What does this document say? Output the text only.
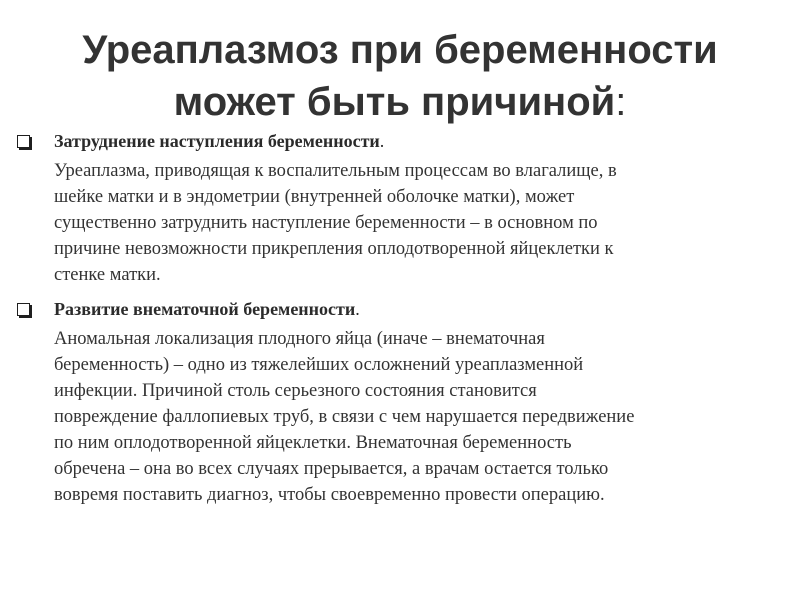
Уреаплазмоз при беременности
может быть причиной:
Затруднение наступления беременности.
Уреаплазма, приводящая к воспалительным процессам во влагалище, в
шейке матки и в эндометрии (внутренней оболочке матки), может
существенно затруднить наступление беременности – в основном по
причине невозможности прикрепления оплодотворенной яйцеклетки к
стенке матки.
Развитие внематочной беременности.
Аномальная локализация плодного яйца (иначе – внематочная
беременность) – одно из тяжелейших осложнений уреаплазменной
инфекции. Причиной столь серьезного состояния становится
повреждение фаллопиевых труб, в связи с чем нарушается передвижение
по ним оплодотворенной яйцеклетки. Внематочная беременность
обречена – она во всех случаях прерывается, а врачам остается только
вовремя поставить диагноз, чтобы своевременно провести операцию.
